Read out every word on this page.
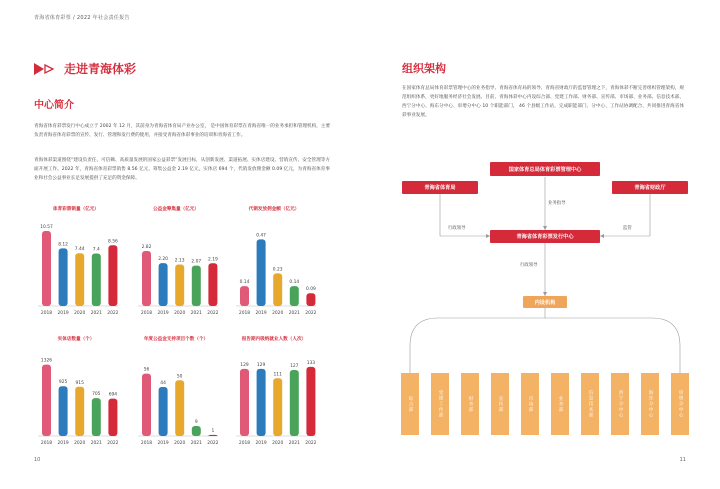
青海省体育彩票 / 2022 年社会责任报告
走进青海体彩
中心简介
青海省体育彩票发行中心成立于 2002 年 12 月，其前身为青海省体育局产业办公室， 是中国体育彩票在青海省唯一的业务承担和管理机构，主要负责青海省体育彩票的宣传、发行、管理和发行费的使用，并接受青海省体彩事业的培训和青海省工作。
青海体彩渠道围绕“建设负责任、可信赖、高质量发展的国家公益彩票”发展目标，从创新发展、渠道拓展、实体店建设、营销宣传、安全管理等方面开展工作。2022 年，青海省体育彩票销售 8.56 亿元，筹集公益金 2.19 亿元，实体店 694 个，代销发放佣金额 0.09 亿元，为青海省体育事业和社会公益事业长足发展提供了充足的资金保障。
体育彩票销量（亿元）
10.57
2018
8.12
2019
7.44
2020
7.4
2021
8.56
2022
公益金筹集量（亿元）
2.82
2018
2.20
2019
2.13
2020
2.07
2021
2.19
2022
代销发放佣金额（亿元）
0.14
2018
0.47
2019
0.23
2020
0.14
2021
0.09
2022
实体店数量（个）
1326
2018
925
2019
915
2020
705
2021
694
2022
年度公益金支持项目个数（个）
56
2018
44
2019
50
2020
9
2021
1
2022
报告期内吸纳就业人数（人次）
129
2018
129
2019
111
2020
127
2021
133
2022
10
组织架构
在国家体育总局体育彩票管理中心的业务指导、青海省体育局的领导、青海省财政厅的监督管理之下，青海体彩不断完善组织管理架构，规范组织体系，更好地服务经济社会发展。目前，青海体彩中心内设综合部、党建工作部、财务部、宣传部、市场部、业务部、信息技术部、西宁分中心、海东分中心、审增分中心 10 个职能部门， 46 个县级工作站，完成职能部门、分中心、工作站协调配合、共同推进青海省体彩事业发展。
国家体育总局体育彩票管理中心
青海省体育局	青海省财政厅
青海省体育彩票发行中心
内设机构
业务指导
行政领导	监管
行政领导
综合部	党建工作部	财务部	宣传部	市场部	业务部	信息技术部	西宁分中心	海东分中心	审增分中心
11
